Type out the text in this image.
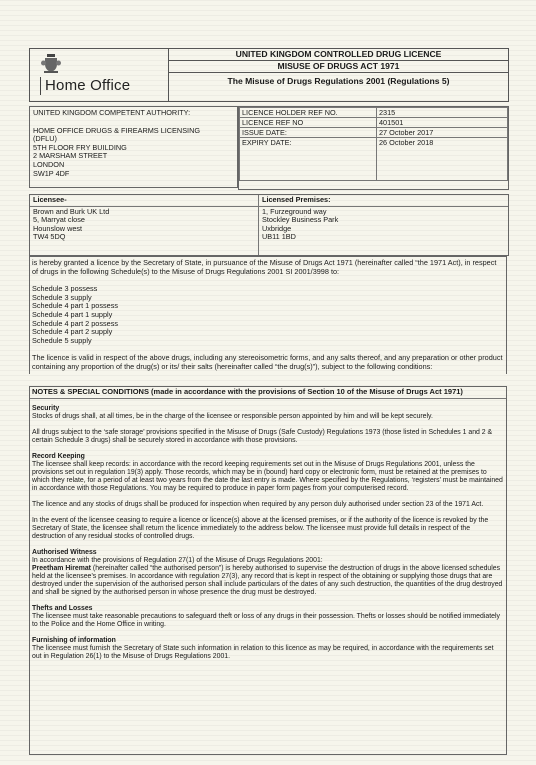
Home Office
UNITED KINGDOM CONTROLLED DRUG LICENCE
MISUSE OF DRUGS ACT 1971
The Misuse of Drugs Regulations 2001 (Regulations 5)
UNITED KINGDOM COMPETENT AUTHORITY:
HOME OFFICE DRUGS & FIREARMS LICENSING
(DFLU)
5TH FLOOR FRY BUILDING
2 MARSHAM STREET
LONDON
SW1P 4DF
LICENCE HOLDER REF NO.	2315
LICENCE REF NO	401501
ISSUE DATE:	27 October 2017
EXPIRY DATE:	26 October 2018
Licensee-
Brown and Burk UK Ltd
5, Marryat close
Hounslow west
TW4 5DQ
Licensed Premises:
1, Furzeground way
Stockley Business Park
Uxbridge
UB11 1BD

is hereby granted a licence by the Secretary of State, in pursuance of the Misuse of Drugs Act 1971 (hereinafter called “the 1971 Act), in respect of drugs in the following Schedule(s) to the Misuse of Drugs Regulations 2001 SI 2001/3998 to:

Schedule 3 possess
Schedule 3 supply
Schedule 4 part 1 possess
Schedule 4 part 1 supply
Schedule 4 part 2 possess
Schedule 4 part 2 supply
Schedule 5 supply

The licence is valid in respect of the above drugs, including any stereoisometric forms, and any salts thereof, and any preparation or other product containing any proportion of the drug(s) or its/ their salts (hereinafter called “the drug(s)”), subject to the following conditions:

NOTES & SPECIAL CONDITIONS (made in accordance with the provisions of Section 10 of the Misuse of Drugs Act 1971)
Security

Stocks of drugs shall, at all times, be in the charge of the licensee or responsible person appointed by him and will be kept securely.

All drugs subject to the ‘safe storage’ provisions specified in the Misuse of Drugs (Safe Custody) Regulations 1973 (those listed in Schedules 1 and 2 & certain Schedule 3 drugs) shall be securely stored in accordance with those provisions.

Record Keeping

The licensee shall keep records: in accordance with the record keeping requirements set out in the Misuse of Drugs Regulations 2001, unless the provisions set out in regulation 19(3) apply. Those records, which may be in (bound) hard copy or electronic form, must be retained at the premises to which they relate, for a period of at least two years from the date the last entry is made. Where specified by the Regulations, ‘registers’ must be maintained in accordance with those Regulations. You may be required to produce in paper form pages from your computerised record.

The licence and any stocks of drugs shall be produced for inspection when required by any person duly authorised under section 23 of the 1971 Act.

In the event of the licensee ceasing to require a licence or licence(s) above at the licensed premises, or if the authority of the licence is revoked by the Secretary of State, the licensee shall return the licence immediately to the address below. The licensee must provide full details in respect of the destruction of any residual stocks of controlled drugs.

Authorised Witness
In accordance with the provisions of Regulation 27(1) of the Misuse of Drugs Regulations 2001:

Preetham Hiremat (hereinafter called “the authorised person”) is hereby authorised to supervise the destruction of drugs in the above licensed schedules held at the licensee’s premises. In accordance with regulation 27(3), any record that is kept in respect of the obtaining or supplying those drugs that are destroyed under the supervision of the authorised person shall include particulars of the dates of any such destruction, the quantities of the drug destroyed and shall be signed by the authorised person in whose presence the drug must be destroyed.

Thefts and Losses

The licensee must take reasonable precautions to safeguard theft or loss of any drugs in their possession. Thefts or losses should be notified immediately to the Police and the Home Office in writing.

Furnishing of information

The licensee must furnish the Secretary of State such information in relation to this licence as may be required, in accordance with the requirements set out in Regulation 26(1) to the Misuse of Drugs Regulations 2001.
